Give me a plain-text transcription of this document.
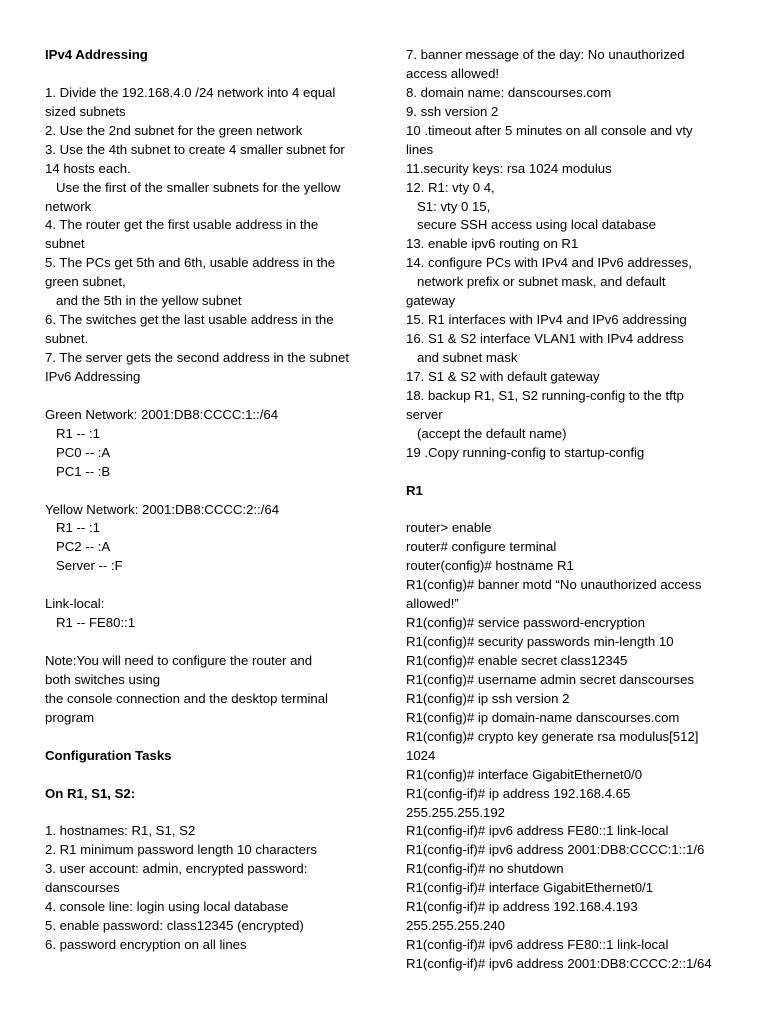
IPv4 Addressing
1. Divide the 192.168.4.0 /24 network into 4 equal
sized subnets
2. Use the 2nd subnet for the green network
3. Use the 4th subnet to create 4 smaller subnet for
14 hosts each.
Use the first of the smaller subnets for the yellow
network
4. The router get the first usable address in the
subnet
5. The PCs get 5th and 6th, usable address in the
green subnet,
and the 5th in the yellow subnet
6. The switches get the last usable address in the
subnet.
7. The server gets the second address in the subnet
IPv6 Addressing
Green Network: 2001:DB8:CCCC:1::/64
R1 -- :1
PC0 -- :A
PC1 -- :B
Yellow Network: 2001:DB8:CCCC:2::/64
R1 -- :1
PC2 -- :A
Server -- :F
Link-local:
R1 -- FE80::1
Note:You will need to configure the router and
both switches using
the console connection and the desktop terminal
program
Configuration Tasks
On R1, S1, S2:
1. hostnames: R1, S1, S2
2. R1 minimum password length 10 characters
3. user account: admin, encrypted password:
danscourses
4. console line: login using local database
5. enable password: class12345 (encrypted)
6. password encryption on all lines
7. banner message of the day: No unauthorized
access allowed!
8. domain name: danscourses.com
9. ssh version 2
10 .timeout after 5 minutes on all console and vty
lines
11.security keys: rsa 1024 modulus
12. R1: vty 0 4,
S1: vty 0 15,
secure SSH access using local database
13. enable ipv6 routing on R1
14. configure PCs with IPv4 and IPv6 addresses,
network prefix or subnet mask, and default
gateway
15. R1 interfaces with IPv4 and IPv6 addressing
16. S1 & S2 interface VLAN1 with IPv4 address
and subnet mask
17. S1 & S2 with default gateway
18. backup R1, S1, S2 running-config to the tftp
server
(accept the default name)
19 .Copy running-config to startup-config
R1
router> enable
router# configure terminal
router(config)# hostname R1
R1(config)# banner motd “No unauthorized access
allowed!”
R1(config)# service password-encryption
R1(config)# security passwords min-length 10
R1(config)# enable secret class12345
R1(config)# username admin secret danscourses
R1(config)# ip ssh version 2
R1(config)# ip domain-name danscourses.com
R1(config)# crypto key generate rsa modulus[512]
1024
R1(config)# interface GigabitEthernet0/0
R1(config-if)# ip address 192.168.4.65
255.255.255.192
R1(config-if)# ipv6 address FE80::1 link-local
R1(config-if)# ipv6 address 2001:DB8:CCCC:1::1/6
R1(config-if)# no shutdown
R1(config-if)# interface GigabitEthernet0/1
R1(config-if)# ip address 192.168.4.193
255.255.255.240
R1(config-if)# ipv6 address FE80::1 link-local
R1(config-if)# ipv6 address 2001:DB8:CCCC:2::1/64
